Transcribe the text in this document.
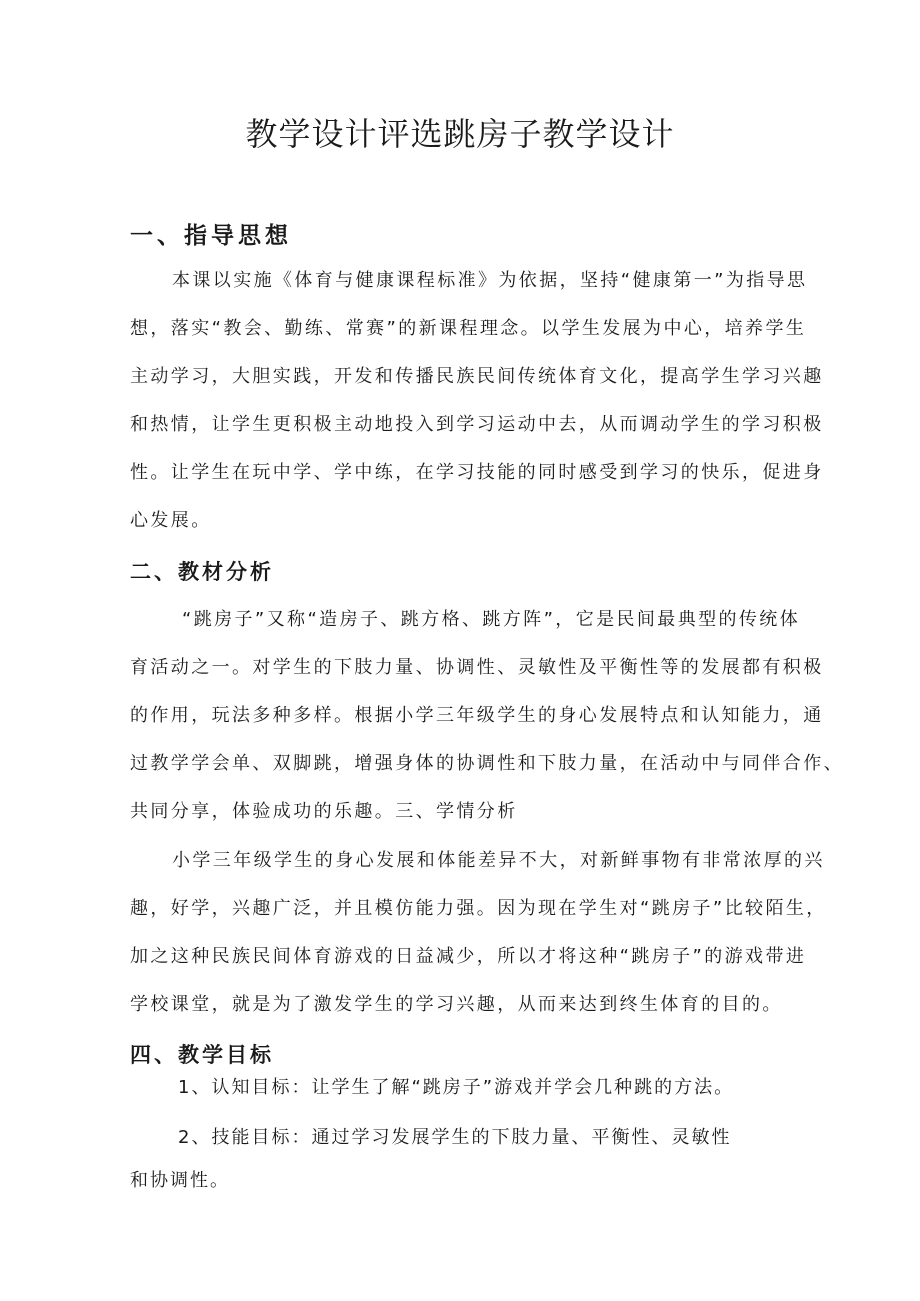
教学设计评选跳房子教学设计
一、指导思想
本课以实施《体育与健康课程标准》为依据，坚持“健康第一”为指导思
想，落实“教会、勤练、常赛”的新课程理念。以学生发展为中心，培养学生
主动学习，大胆实践，开发和传播民族民间传统体育文化，提高学生学习兴趣
和热情，让学生更积极主动地投入到学习运动中去，从而调动学生的学习积极
性。让学生在玩中学、学中练，在学习技能的同时感受到学习的快乐，促进身
心发展。
二、教材分析
“跳房子”又称“造房子、跳方格、跳方阵”，它是民间最典型的传统体
育活动之一。对学生的下肢力量、协调性、灵敏性及平衡性等的发展都有积极
的作用，玩法多种多样。根据小学三年级学生的身心发展特点和认知能力，通
过教学学会单、双脚跳，增强身体的协调性和下肢力量，在活动中与同伴合作、
共同分享，体验成功的乐趣。三、学情分析
小学三年级学生的身心发展和体能差异不大，对新鲜事物有非常浓厚的兴
趣，好学，兴趣广泛，并且模仿能力强。因为现在学生对“跳房子”比较陌生，
加之这种民族民间体育游戏的日益减少，所以才将这种“跳房子”的游戏带进
学校课堂，就是为了激发学生的学习兴趣，从而来达到终生体育的目的。
四、教学目标

1、认知目标：让学生了解“跳房子”游戏并学会几种跳的方法。

2、技能目标：通过学习发展学生的下肢力量、平衡性、灵敏性

和协调性。
